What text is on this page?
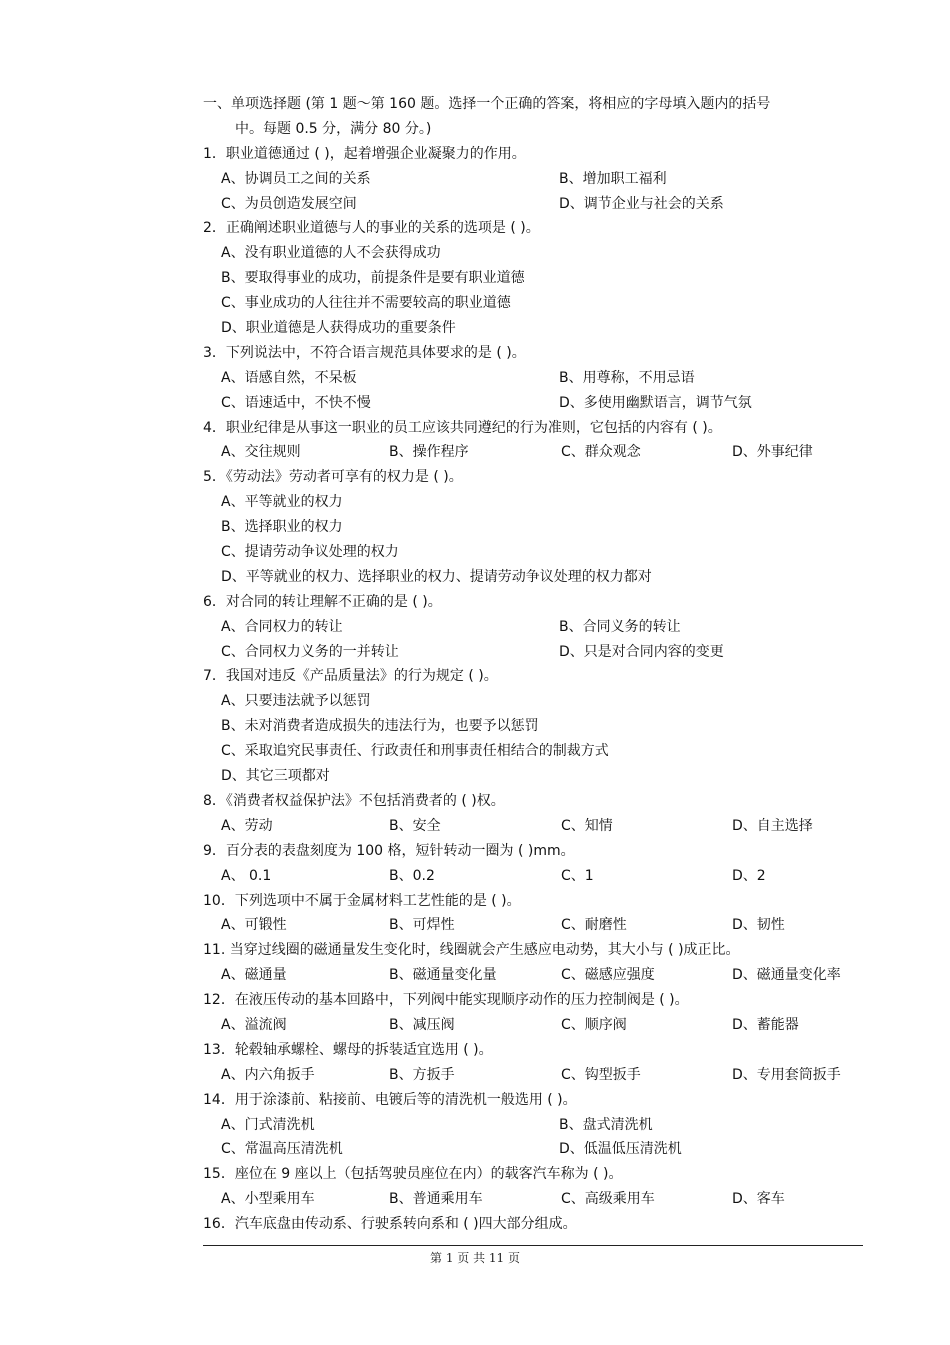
一、单项选择题 (第 1 题～第 160 题。选择一个正确的答案，将相应的字母填入题内的括号
中。每题 0.5 分，满分 80 分。)
1．职业道德通过 ( )，起着增强企业凝聚力的作用。
A、协调员工之间的关系	B、增加职工福利
C、为员创造发展空间	D、调节企业与社会的关系
2．正确阐述职业道德与人的事业的关系的选项是 ( )。
A、没有职业道德的人不会获得成功
B、要取得事业的成功，前提条件是要有职业道德
C、事业成功的人往往并不需要较高的职业道德
D、职业道德是人获得成功的重要条件
3．下列说法中，不符合语言规范具体要求的是 ( )。
A、语感自然，不呆板	B、用尊称，不用忌语
C、语速适中，不快不慢	D、多使用幽默语言，调节气氛
4．职业纪律是从事这一职业的员工应该共同遵纪的行为准则，它包括的内容有 ( )。
A、交往规则	B、操作程序	C、群众观念	D、外事纪律
5．《劳动法》劳动者可享有的权力是 ( )。
A、平等就业的权力
B、选择职业的权力
C、提请劳动争议处理的权力
D、平等就业的权力、选择职业的权力、提请劳动争议处理的权力都对
6．对合同的转让理解不正确的是 ( )。
A、合同权力的转让	B、合同义务的转让
C、合同权力义务的一并转让	D、只是对合同内容的变更
7．我国对违反《产品质量法》的行为规定 ( )。
A、只要违法就予以惩罚
B、未对消费者造成损失的违法行为，也要予以惩罚
C、采取追究民事责任、行政责任和刑事责任相结合的制裁方式
D、其它三项都对
8．《消费者权益保护法》不包括消费者的 ( )权。
A、劳动	B、安全	C、知情	D、自主选择
9．百分表的表盘刻度为 100 格，短针转动一圈为 ( )mm。
A、 0.1	B、0.2	C、1	D、2
10．下列选项中不属于金属材料工艺性能的是 ( )。
A、可锻性	B、可焊性	C、耐磨性	D、韧性
11. 当穿过线圈的磁通量发生变化时，线圈就会产生感应电动势，其大小与 ( )成正比。
A、磁通量	B、磁通量变化量	C、磁感应强度	D、磁通量变化率
12．在液压传动的基本回路中，下列阀中能实现顺序动作的压力控制阀是 ( )。
A、溢流阀	B、减压阀	C、顺序阀	D、蓄能器
13．轮毂轴承螺栓、螺母的拆装适宜选用 ( )。
A、内六角扳手	B、方扳手	C、钩型扳手	D、专用套筒扳手
14．用于涂漆前、粘接前、电镀后等的清洗机一般选用 ( )。
A、门式清洗机	B、盘式清洗机
C、常温高压清洗机	D、低温低压清洗机
15．座位在 9 座以上（包括驾驶员座位在内）的载客汽车称为 ( )。
A、小型乘用车	B、普通乘用车	C、高级乘用车	D、客车
16．汽车底盘由传动系、行驶系转向系和 ( )四大部分组成。
第 1 页 共 11 页
